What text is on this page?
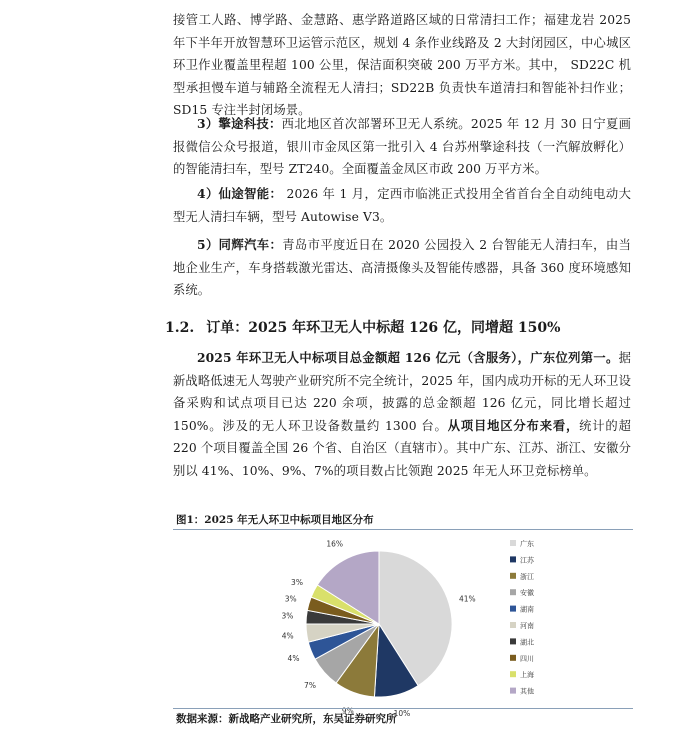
接管工人路、博学路、金慧路、惠学路道路区域的日常清扫工作；福建龙岩 2025 年下半年开放智慧环卫运管示范区，规划 4 条作业线路及 2 大封闭园区，中心城区环卫作业覆盖里程超 100 公里，保洁面积突破 200 万平方米。其中， SD22C 机型承担慢车道与辅路全流程无人清扫；SD22B 负责快车道清扫和智能补扫作业；SD15 专注半封闭场景。

3）擎途科技：西北地区首次部署环卫无人系统。2025 年 12 月 30 日宁夏画报微信公众号报道，银川市金凤区第一批引入 4 台苏州擎途科技（一汽解放孵化）的智能清扫车，型号 ZT240。全面覆盖金凤区市政 200 万平方米。

4）仙途智能： 2026 年 1 月，定西市临洮正式投用全省首台全自动纯电动大型无人清扫车辆，型号 Autowise V3。

5）同辉汽车：青岛市平度近日在 2020 公园投入 2 台智能无人清扫车，由当地企业生产，车身搭载激光雷达、高清摄像头及智能传感器，具备 360 度环境感知系统。

1.2. 订单：2025 年环卫无人中标超 126 亿，同增超 150%

2025 年环卫无人中标项目总金额超 126 亿元（含服务），广东位列第一。据新战略低速无人驾驶产业研究所不完全统计，2025 年，国内成功开标的无人环卫设备采购和试点项目已达 220 余项，披露的总金额超 126 亿元，同比增长超过 150%。涉及的无人环卫设备数量约 1300 台。从项目地区分布来看，统计的超 220 个项目覆盖全国 26 个省、自治区（直辖市）。其中广东、江苏、浙江、安徽分别以 41%、10%、9%、7%的项目数占比领跑 2025 年无人环卫竞标榜单。

图1：2025 年无人环卫中标项目地区分布

41%
10%
9%
7%
4%
4%
3%
3%
3%
16%	广东
江苏
浙江
安徽
湖南
河南
湖北
四川
上海
其他

数据来源：新战略产业研究所，东吴证券研究所
